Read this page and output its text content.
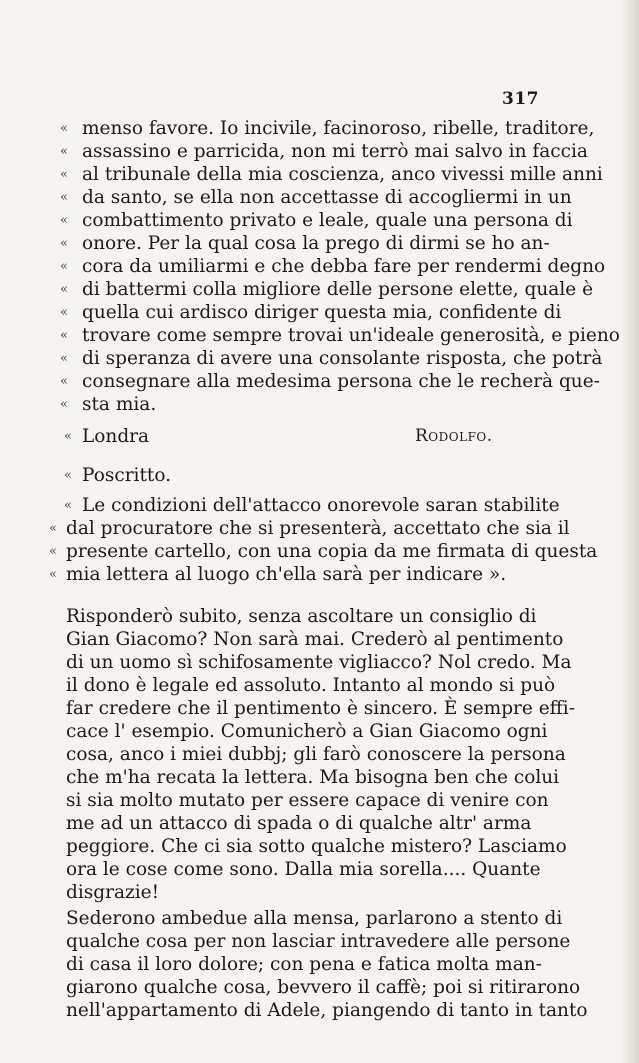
317
« menso favore. Io incivile, facinoroso, ribelle, traditore,
« assassino e parricida, non mi terrò mai salvo in faccia
« al tribunale della mia coscienza, anco vivessi mille anni
« da santo, se ella non accettasse di accogliermi in un
« combattimento privato e leale, quale una persona di
« onore. Per la qual cosa la prego di dirmi se ho an-
« cora da umiliarmi e che debba fare per rendermi degno
« di battermi colla migliore delle persone elette, quale è
« quella cui ardisco diriger questa mia, confidente di
« trovare come sempre trovai un'ideale generosità, e pieno
« di speranza di avere una consolante risposta, che potrà
« consegnare alla medesima persona che le recherà que-
« sta mia.
« Londra	Rodolfo.
« Poscritto.
« Le condizioni dell'attacco onorevole saran stabilite
« dal procuratore che si presenterà, accettato che sia il
« presente cartello, con una copia da me firmata di questa
« mia lettera al luogo ch'ella sarà per indicare ».
Risponderò subito, senza ascoltare un consiglio di
Gian Giacomo? Non sarà mai. Crederò al pentimento
di un uomo sì schifosamente vigliacco? Nol credo. Ma
il dono è legale ed assoluto. Intanto al mondo si può
far credere che il pentimento è sincero. È sempre effi-
cace l' esempio. Comunicherò a Gian Giacomo ogni
cosa, anco i miei dubbj; gli farò conoscere la persona
che m'ha recata la lettera. Ma bisogna ben che colui
si sia molto mutato per essere capace di venire con
me ad un attacco di spada o di qualche altr' arma
peggiore. Che ci sia sotto qualche mistero? Lasciamo
ora le cose come sono. Dalla mia sorella.... Quante
disgrazie!
Sederono ambedue alla mensa, parlarono a stento di
qualche cosa per non lasciar intravedere alle persone
di casa il loro dolore; con pena e fatica molta man-
giarono qualche cosa, bevvero il caffè; poi si ritirarono
nell'appartamento di Adele, piangendo di tanto in tanto
